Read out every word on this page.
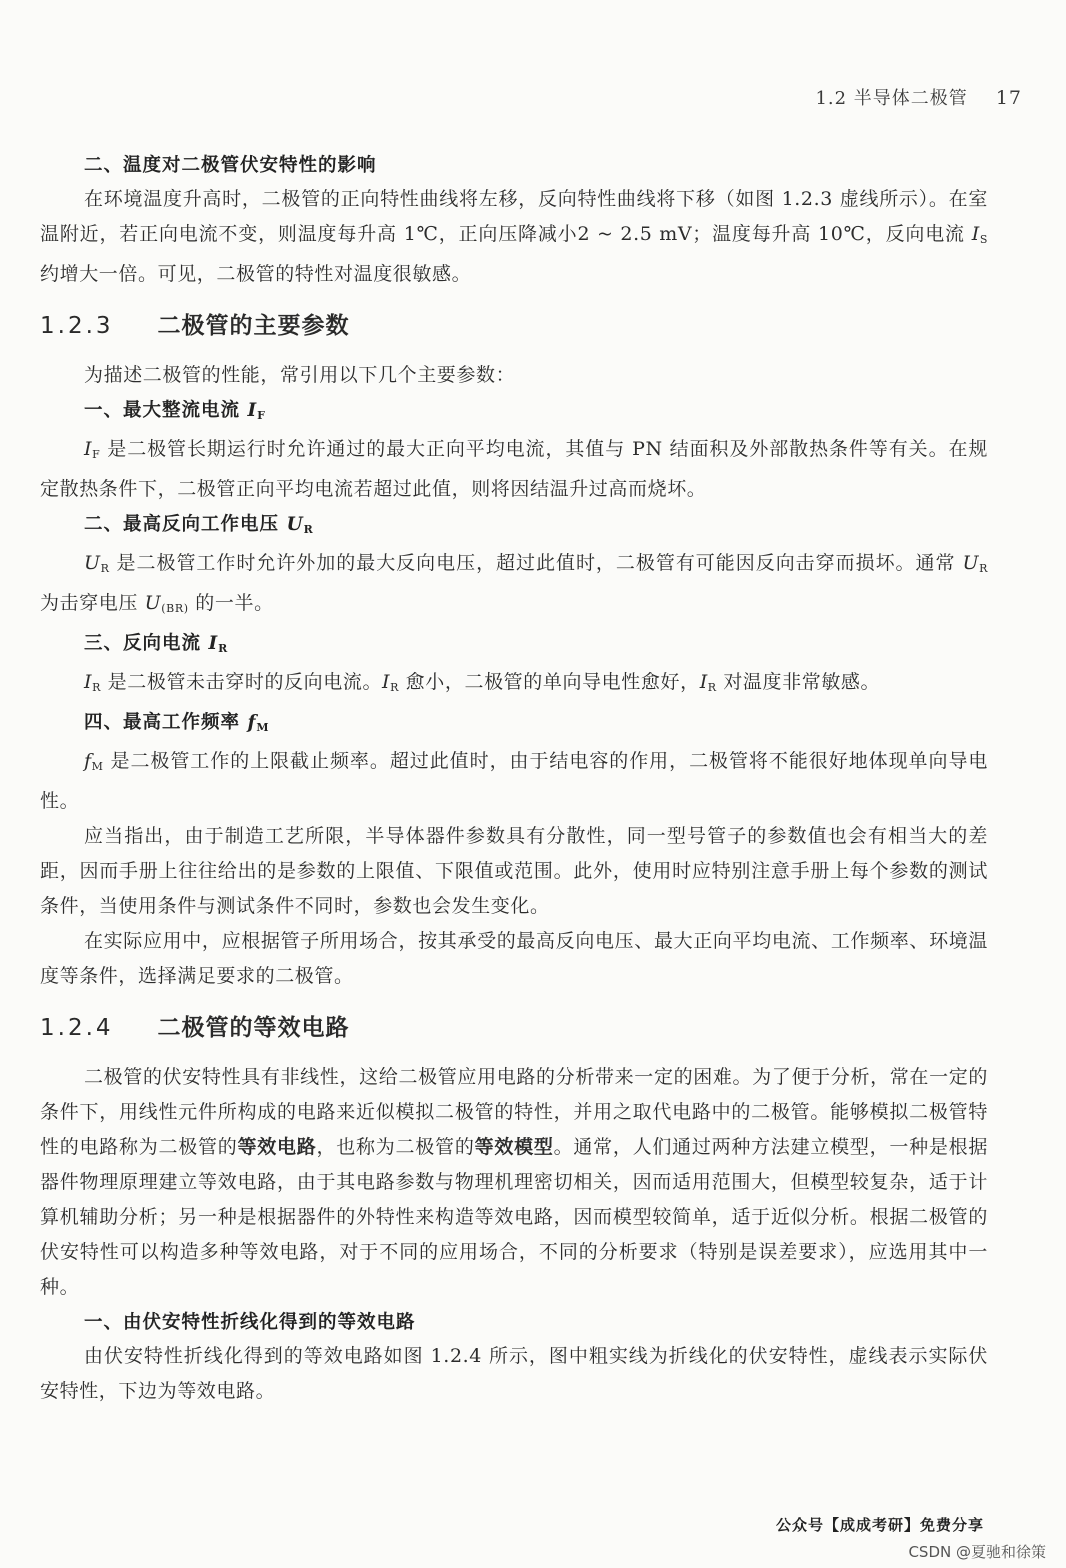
1.2 半导体二极管 17
二、温度对二极管伏安特性的影响

在环境温度升高时，二极管的正向特性曲线将左移，反向特性曲线将下移（如图 1.2.3 虚线所示）。在室温附近，若正向电流不变，则温度每升高 1℃，正向压降减小2 ~ 2.5 mV；温度每升高 10℃，反向电流 $I_S$ 约增大一倍。可见，二极管的特性对温度很敏感。

1.2.3 二极管的主要参数

为描述二极管的性能，常引用以下几个主要参数：

一、最大整流电流 $I_F$

$I_F$ 是二极管长期运行时允许通过的最大正向平均电流，其值与 PN 结面积及外部散热条件等有关。在规定散热条件下，二极管正向平均电流若超过此值，则将因结温升过高而烧坏。

二、最高反向工作电压 $U_R$

$U_R$ 是二极管工作时允许外加的最大反向电压，超过此值时，二极管有可能因反向击穿而损坏。通常 $U_R$ 为击穿电压 $U_{(BR)}$ 的一半。

三、反向电流 $I_R$

$I_R$ 是二极管未击穿时的反向电流。$I_R$ 愈小，二极管的单向导电性愈好，$I_R$ 对温度非常敏感。

四、最高工作频率 $f_M$

$f_M$ 是二极管工作的上限截止频率。超过此值时，由于结电容的作用，二极管将不能很好地体现单向导电性。

应当指出，由于制造工艺所限，半导体器件参数具有分散性，同一型号管子的参数值也会有相当大的差距，因而手册上往往给出的是参数的上限值、下限值或范围。此外，使用时应特别注意手册上每个参数的测试条件，当使用条件与测试条件不同时，参数也会发生变化。

在实际应用中，应根据管子所用场合，按其承受的最高反向电压、最大正向平均电流、工作频率、环境温度等条件，选择满足要求的二极管。

1.2.4 二极管的等效电路

二极管的伏安特性具有非线性，这给二极管应用电路的分析带来一定的困难。为了便于分析，常在一定的条件下，用线性元件所构成的电路来近似模拟二极管的特性，并用之取代电路中的二极管。能够模拟二极管特性的电路称为二极管的等效电路，也称为二极管的等效模型。通常，人们通过两种方法建立模型，一种是根据器件物理原理建立等效电路，由于其电路参数与物理机理密切相关，因而适用范围大，但模型较复杂，适于计算机辅助分析；另一种是根据器件的外特性来构造等效电路，因而模型较简单，适于近似分析。根据二极管的伏安特性可以构造多种等效电路，对于不同的应用场合，不同的分析要求（特别是误差要求），应选用其中一种。

一、由伏安特性折线化得到的等效电路

由伏安特性折线化得到的等效电路如图 1.2.4 所示，图中粗实线为折线化的伏安特性，虚线表示实际伏安特性，下边为等效电路。

公众号【成成考研】免费分享
CSDN @夏驰和徐策
